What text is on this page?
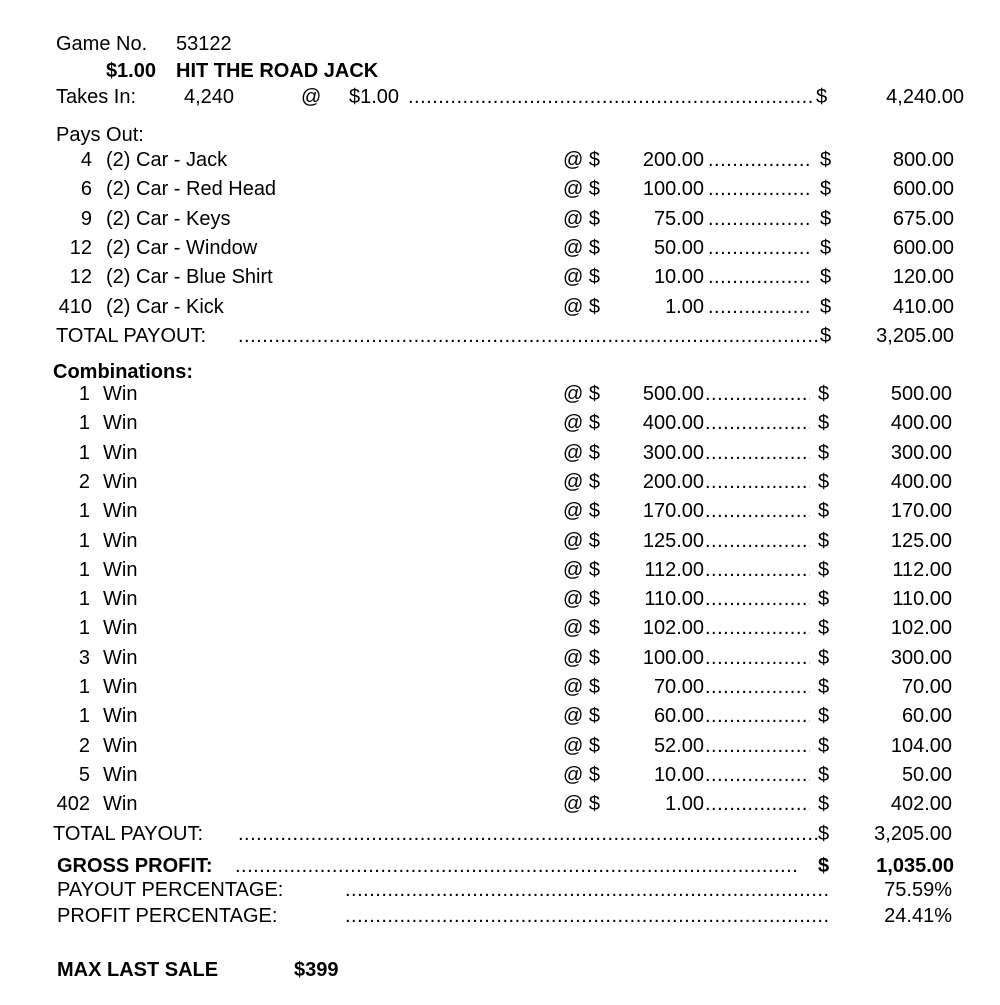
Game No. 53122
$1.00 HIT THE ROAD JACK
Takes In: 4,240	@ $1.00 .....	$	4,240.00
Pays Out:
4 (2) Car - Jack	@ $	200.00 .....	$	800.00
6 (2) Car - Red Head	@ $	100.00 .....	$	600.00
9 (2) Car - Keys	@ $	75.00 .....	$	675.00
12 (2) Car - Window	@ $	50.00 .....	$	600.00
12 (2) Car - Blue Shirt	@ $	10.00 .....	$	120.00
410 (2) Car - Kick	@ $	1.00 .....	$	410.00
TOTAL PAYOUT: .....	$	3,205.00
Combinations:
1 Win	@ $	500.00 .....	$	500.00
1 Win	@ $	400.00 .....	$	400.00
1 Win	@ $	300.00 .....	$	300.00
2 Win	@ $	200.00 .....	$	400.00
1 Win	@ $	170.00 .....	$	170.00
1 Win	@ $	125.00 .....	$	125.00
1 Win	@ $	112.00 .....	$	112.00
1 Win	@ $	110.00 .....	$	110.00
1 Win	@ $	102.00 .....	$	102.00
3 Win	@ $	100.00 .....	$	300.00
1 Win	@ $	70.00 .....	$	70.00
1 Win	@ $	60.00 .....	$	60.00
2 Win	@ $	52.00 .....	$	104.00
5 Win	@ $	10.00 .....	$	50.00
402 Win	@ $	1.00 .....	$	402.00
TOTAL PAYOUT: .....	$	3,205.00
GROSS PROFIT: .....	$	1,035.00
PAYOUT PERCENTAGE: .....	75.59%
PROFIT PERCENTAGE: .....	24.41%
MAX LAST SALE	$399
